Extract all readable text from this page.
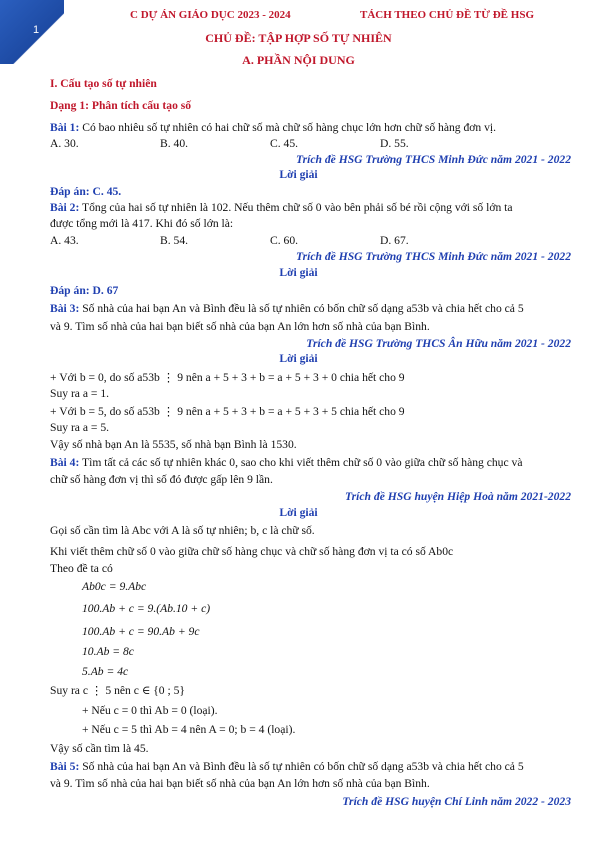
1
C DỰ ÁN GIÁO DỤC 2023 - 2024	TÁCH THEO CHỦ ĐỀ TỪ ĐỀ HSG
CHỦ ĐỀ: TẬP HỢP SỐ TỰ NHIÊN
A. PHẦN NỘI DUNG
I. Cấu tạo số tự nhiên
Dạng 1: Phân tích cấu tạo số
Bài 1: Có bao nhiêu số tự nhiên có hai chữ số mà chữ số hàng chục lớn hơn chữ số hàng đơn vị.
A. 30.	B. 40.	C. 45.	D. 55.
Trích đề HSG Trường THCS Minh Đức năm 2021 - 2022
Lời giải
Đáp án: C. 45.
Bài 2: Tổng của hai số tự nhiên là 102. Nếu thêm chữ số 0 vào bên phải số bé rồi cộng với số lớn ta
được tổng mới là 417. Khi đó số lớn là:
A. 43.	B. 54.	C. 60.	D. 67.
Trích đề HSG Trường THCS Minh Đức năm 2021 - 2022
Lời giải
Đáp án: D. 67
Bài 3: Số nhà của hai bạn An và Bình đều là số tự nhiên có bốn chữ số dạng a53b và chia hết cho cả 5
và 9. Tìm số nhà của hai bạn biết số nhà của bạn An lớn hơn số nhà của bạn Bình.
Trích đề HSG Trường THCS Ân Hữu năm 2021 - 2022
Lời giải
+ Với b = 0, do số a53b ⋮ 9 nên a + 5 + 3 + b = a + 5 + 3 + 0 chia hết cho 9
Suy ra a = 1.
+ Với b = 5, do số a53b ⋮ 9 nên a + 5 + 3 + b = a + 5 + 3 + 5 chia hết cho 9
Suy ra a = 5.
Vậy số nhà bạn An là 5535, số nhà bạn Bình là 1530.
Bài 4: Tìm tất cả các số tự nhiên khác 0, sao cho khi viết thêm chữ số 0 vào giữa chữ số hàng chục và
chữ số hàng đơn vị thì số đó được gấp lên 9 lần.
Trích đề HSG huyện Hiệp Hoà năm 2021-2022
Lời giải
Gọi số cần tìm là Abc với A là số tự nhiên; b, c là chữ số.
Khi viết thêm chữ số 0 vào giữa chữ số hàng chục và chữ số hàng đơn vị ta có số Ab0c
Theo đề ta có
Ab0c = 9.Abc
100.Ab + c = 9.(Ab.10 + c)
100.Ab + c = 90.Ab + 9c
10.Ab = 8c
5.Ab = 4c
Suy ra c ⋮ 5 nên c ∈ {0 ; 5}
+ Nếu c = 0 thì Ab = 0 (loại).
+ Nếu c = 5 thì Ab = 4 nên A = 0; b = 4 (loại).
Vậy số cần tìm là 45.
Bài 5: Số nhà của hai bạn An và Bình đều là số tự nhiên có bốn chữ số dạng a53b và chia hết cho cả 5
và 9. Tìm số nhà của hai bạn biết số nhà của bạn An lớn hơn số nhà của bạn Bình.
Trích đề HSG huyện Chí Linh năm 2022 - 2023
